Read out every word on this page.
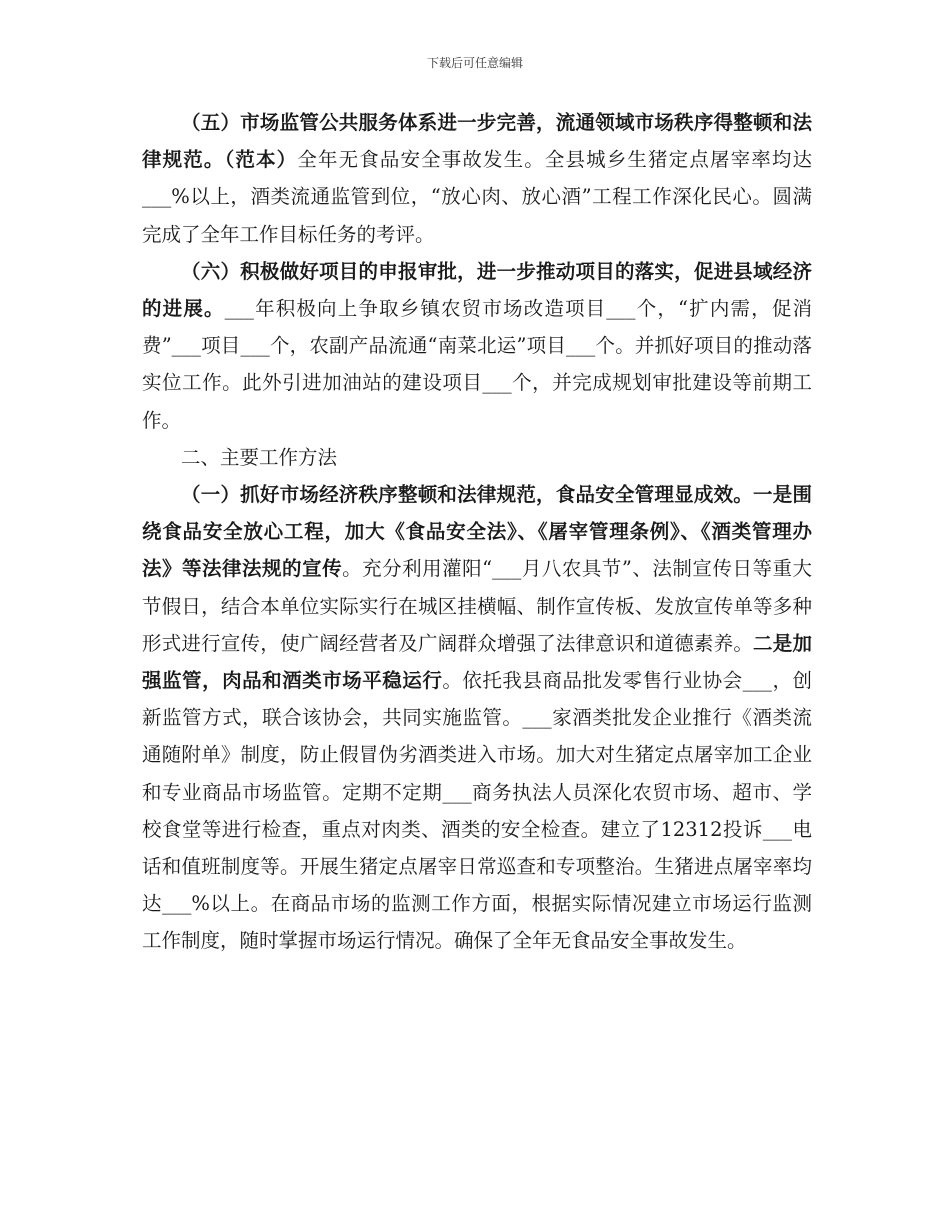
下载后可任意编辑

（五）市场监管公共服务体系进一步完善，流通领域市场秩序得整顿和法律规范。（范本）全年无食品安全事故发生。全县城乡生猪定点屠宰率均达___%以上，酒类流通监管到位，“放心肉、放心酒”工程工作深化民心。圆满完成了全年工作目标任务的考评。

（六）积极做好项目的申报审批，进一步推动项目的落实，促进县域经济的进展。___年积极向上争取乡镇农贸市场改造项目___个，“扩内需，促消费”___项目___个，农副产品流通“南菜北运”项目___个。并抓好项目的推动落实位工作。此外引进加油站的建设项目___个，并完成规划审批建设等前期工作。

二、主要工作方法

（一）抓好市场经济秩序整顿和法律规范，食品安全管理显成效。一是围绕食品安全放心工程，加大《食品安全法》、《屠宰管理条例》、《酒类管理办法》等法律法规的宣传。充分利用灌阳“___月八农具节”、法制宣传日等重大节假日，结合本单位实际实行在城区挂横幅、制作宣传板、发放宣传单等多种形式进行宣传，使广阔经营者及广阔群众增强了法律意识和道德素养。二是加强监管，肉品和酒类市场平稳运行。依托我县商品批发零售行业协会___，创新监管方式，联合该协会，共同实施监管。___家酒类批发企业推行《酒类流通随附单》制度，防止假冒伪劣酒类进入市场。加大对生猪定点屠宰加工企业和专业商品市场监管。定期不定期___商务执法人员深化农贸市场、超市、学校食堂等进行检查，重点对肉类、酒类的安全检查。建立了12312投诉___电话和值班制度等。开展生猪定点屠宰日常巡查和专项整治。生猪进点屠宰率均达___%以上。在商品市场的监测工作方面，根据实际情况建立市场运行监测工作制度，随时掌握市场运行情况。确保了全年无食品安全事故发生。
